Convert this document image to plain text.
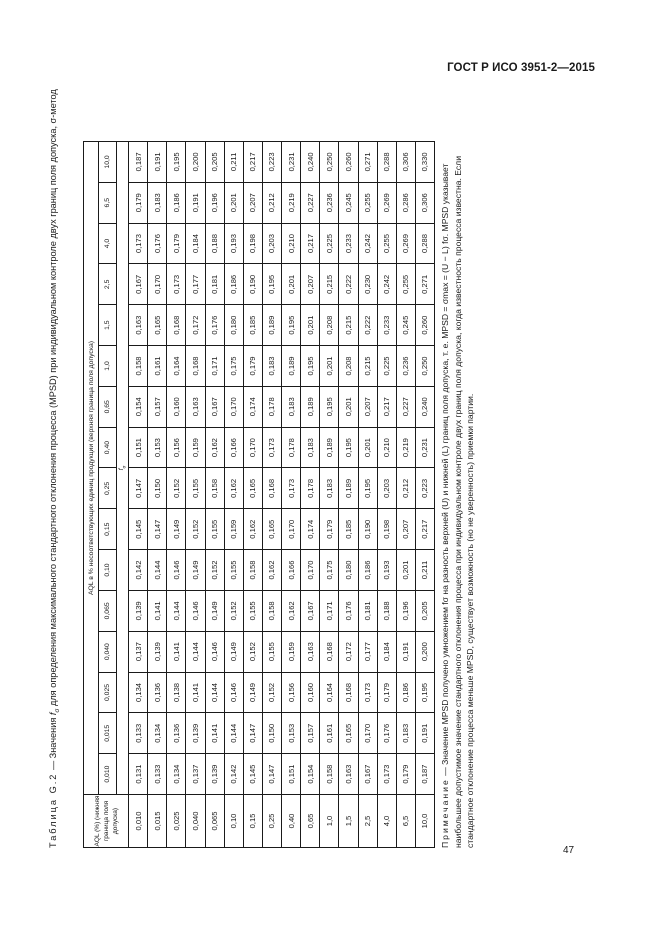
ГОСТ Р ИСО 3951-2—2015
Таблица G.2 — Значения $f_\sigma$ для определения максимального стандартного отклонения процесса (MPSD) при индивидуальном контроле двух границ поля допуска, σ-метод
AQL (%) (нижняя граница поля допуска)	AQL в % несоответствующих единиц продукции (верхняя граница поля допуска)															
	0,010	0,015	0,025	0,040	0,065	0,10	0,15	0,25	0,40	0,65	1,0	1,5	2,5	4,0	6,5	10,0
	$f_\sigma$
0,010	0,131	0,133	0,134	0,137	0,139	0,142	0,145	0,147	0,151	0,154	0,158	0,163	0,167	0,173	0,179	0,187
0,015	0,133	0,134	0,136	0,139	0,141	0,144	0,147	0,150	0,153	0,157	0,161	0,165	0,170	0,176	0,183	0,191
0,025	0,134	0,136	0,138	0,141	0,144	0,146	0,149	0,152	0,156	0,160	0,164	0,168	0,173	0,179	0,186	0,195
0,040	0,137	0,139	0,141	0,144	0,146	0,149	0,152	0,155	0,159	0,163	0,168	0,172	0,177	0,184	0,191	0,200
0,065	0,139	0,141	0,144	0,146	0,149	0,152	0,155	0,158	0,162	0,167	0,171	0,176	0,181	0,188	0,196	0,205
0,10	0,142	0,144	0,146	0,149	0,152	0,155	0,159	0,162	0,166	0,170	0,175	0,180	0,186	0,193	0,201	0,211
0,15	0,145	0,147	0,149	0,152	0,155	0,158	0,162	0,165	0,170	0,174	0,179	0,185	0,190	0,198	0,207	0,217
0,25	0,147	0,150	0,152	0,155	0,158	0,162	0,165	0,168	0,173	0,178	0,183	0,189	0,195	0,203	0,212	0,223
0,40	0,151	0,153	0,156	0,159	0,162	0,166	0,170	0,173	0,178	0,183	0,189	0,195	0,201	0,210	0,219	0,231
0,65	0,154	0,157	0,160	0,163	0,167	0,170	0,174	0,178	0,183	0,189	0,195	0,201	0,207	0,217	0,227	0,240
1,0	0,158	0,161	0,164	0,168	0,171	0,175	0,179	0,183	0,189	0,195	0,201	0,208	0,215	0,225	0,236	0,250
1,5	0,163	0,165	0,168	0,172	0,176	0,180	0,185	0,189	0,195	0,201	0,208	0,215	0,222	0,233	0,245	0,260
2,5	0,167	0,170	0,173	0,177	0,181	0,186	0,190	0,195	0,201	0,207	0,215	0,222	0,230	0,242	0,255	0,271
4,0	0,173	0,176	0,179	0,184	0,188	0,193	0,198	0,203	0,210	0,217	0,225	0,233	0,242	0,255	0,269	0,288
6,5	0,179	0,183	0,186	0,191	0,196	0,201	0,207	0,212	0,219	0,227	0,236	0,245	0,255	0,269	0,286	0,306
10,0	0,187	0,191	0,195	0,200	0,205	0,211	0,217	0,223	0,231	0,240	0,250	0,260	0,271	0,288	0,306	0,330
Примечание — Значение MPSD получено умножением fσ на разность верхней (U) и нижней (L) границ поля допуска, т. е. MPSD = σmax = (U − L) fσ. MPSD указывает наибольшее допустимое значение стандартного отклонения процесса при индивидуальном контроле двух границ поля допуска, когда известность процесса известна. Если стандартное отклонение процесса меньше MPSD, существует возможность (но не уверенность) приемки партии.
47
